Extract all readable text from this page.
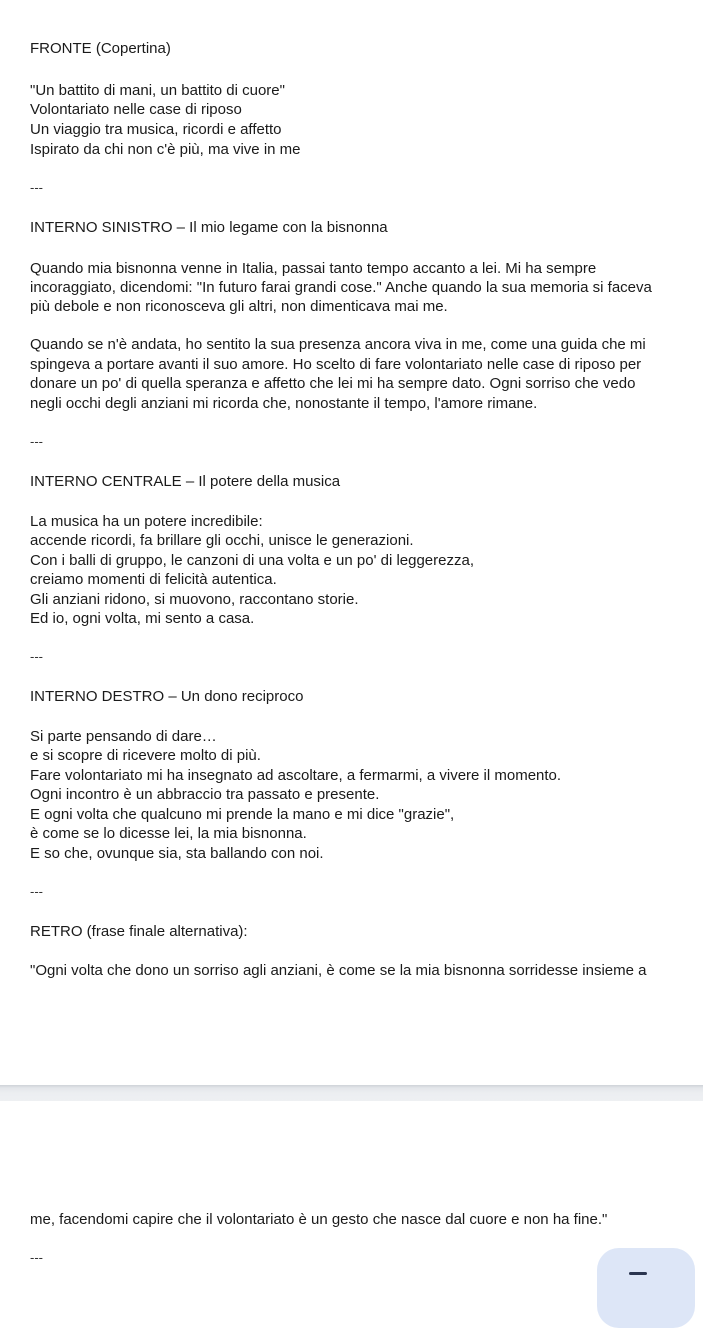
FRONTE (Copertina)

"Un battito di mani, un battito di cuore"

Volontariato nelle case di riposo

Un viaggio tra musica, ricordi e affetto

Ispirato da chi non c'è più, ma vive in me

---

INTERNO SINISTRO – Il mio legame con la bisnonna

Quando mia bisnonna venne in Italia, passai tanto tempo accanto a lei. Mi ha sempre

incoraggiato, dicendomi: "In futuro farai grandi cose." Anche quando la sua memoria si faceva

più debole e non riconosceva gli altri, non dimenticava mai me.

Quando se n'è andata, ho sentito la sua presenza ancora viva in me, come una guida che mi

spingeva a portare avanti il suo amore. Ho scelto di fare volontariato nelle case di riposo per

donare un po' di quella speranza e affetto che lei mi ha sempre dato. Ogni sorriso che vedo

negli occhi degli anziani mi ricorda che, nonostante il tempo, l'amore rimane.

---

INTERNO CENTRALE – Il potere della musica

La musica ha un potere incredibile:

accende ricordi, fa brillare gli occhi, unisce le generazioni.

Con i balli di gruppo, le canzoni di una volta e un po' di leggerezza,

creiamo momenti di felicità autentica.

Gli anziani ridono, si muovono, raccontano storie.

Ed io, ogni volta, mi sento a casa.

---

INTERNO DESTRO – Un dono reciproco

Si parte pensando di dare…

e si scopre di ricevere molto di più.

Fare volontariato mi ha insegnato ad ascoltare, a fermarmi, a vivere il momento.

Ogni incontro è un abbraccio tra passato e presente.

E ogni volta che qualcuno mi prende la mano e mi dice "grazie",

è come se lo dicesse lei, la mia bisnonna.

E so che, ovunque sia, sta ballando con noi.

---

RETRO (frase finale alternativa):

"Ogni volta che dono un sorriso agli anziani, è come se la mia bisnonna sorridesse insieme a

me, facendomi capire che il volontariato è un gesto che nasce dal cuore e non ha fine."

---
